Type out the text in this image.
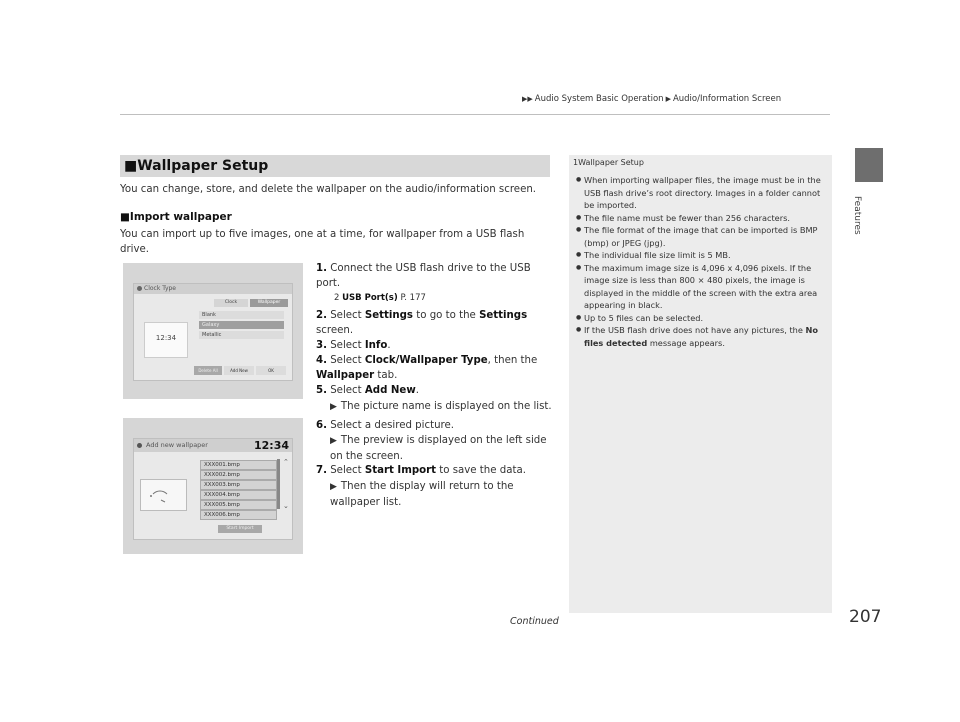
▶▶ Audio System Basic Operation ▶ Audio/Information Screen
Features
■Wallpaper Setup
You can change, store, and delete the wallpaper on the audio/information screen.
■Import wallpaper
You can import up to five images, one at a time, for wallpaper from a USB flash drive.
Clock Type
Clock	Wallpaper
12:34
Blank
Galaxy
Metallic
Delete All	Add New	OK
Add new wallpaper	12:34
XXX001.bmp
XXX002.bmp
XXX003.bmp
XXX004.bmp
XXX005.bmp
XXX006.bmp
⌃
⌄
Start Import
1. Connect the USB flash drive to the USB port.
2 USB Port(s) P. 177
2. Select Settings to go to the Settings screen.
3. Select Info.
4. Select Clock/Wallpaper Type, then the Wallpaper tab.
5. Select Add New.
▶ The picture name is displayed on the list.
6. Select a desired picture.
▶ The preview is displayed on the left side on the screen.
7. Select Start Import to save the data.
▶ Then the display will return to the wallpaper list.
1Wallpaper Setup
● When importing wallpaper files, the image must be in the USB flash drive’s root directory. Images in a folder cannot be imported.
● The file name must be fewer than 256 characters.
● The file format of the image that can be imported is BMP (bmp) or JPEG (jpg).
● The individual file size limit is 5 MB.
● The maximum image size is 4,096 x 4,096 pixels. If the image size is less than 800 × 480 pixels, the image is displayed in the middle of the screen with the extra area appearing in black.
● Up to 5 files can be selected.
● If the USB flash drive does not have any pictures, the No files detected message appears.
Continued	207
